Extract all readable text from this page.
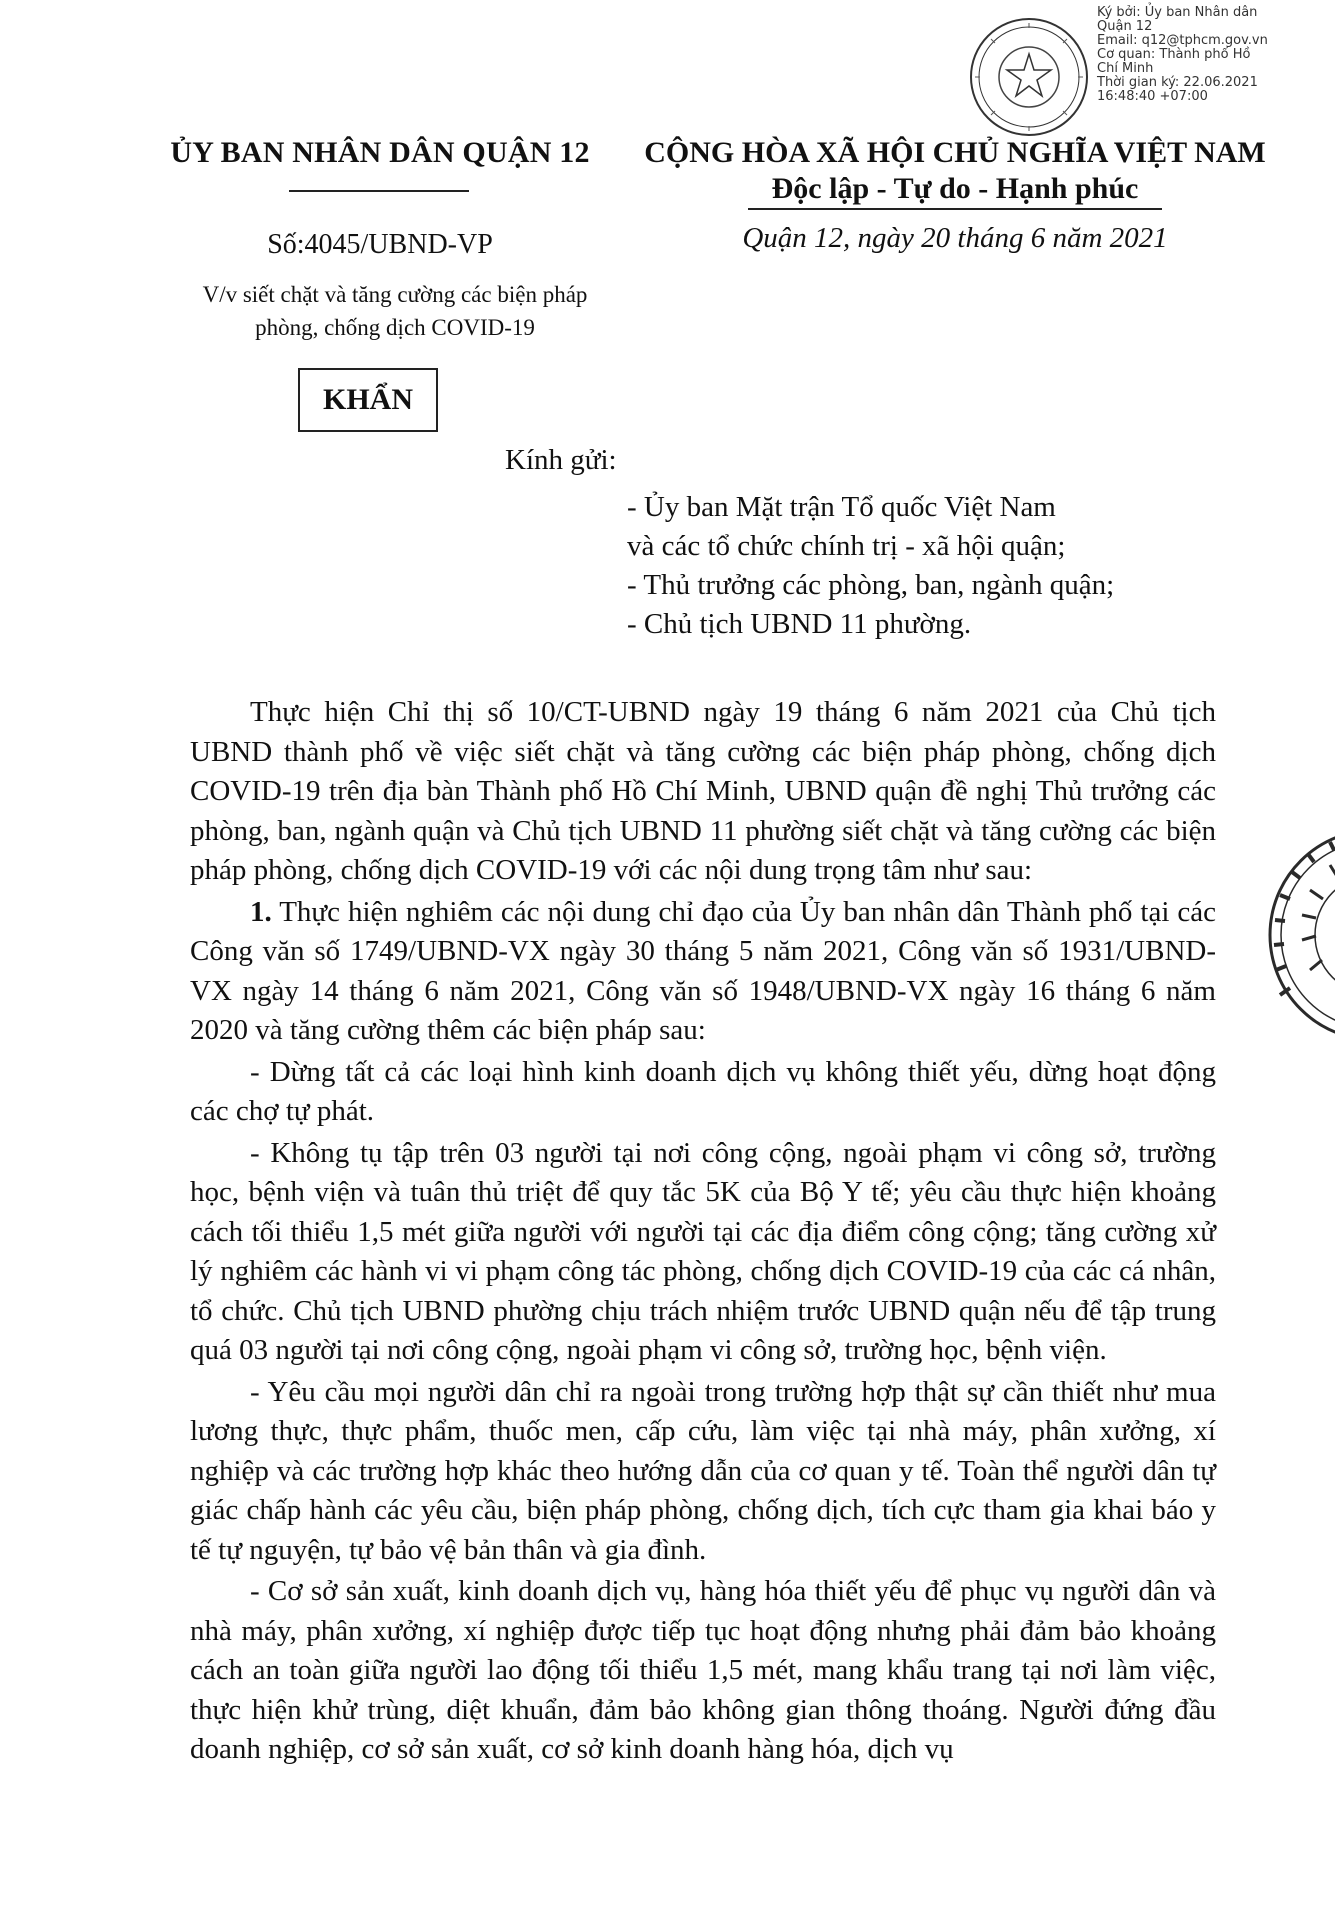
Ký bởi: Ủy ban Nhân dân
Quận 12
Email: q12@tphcm.gov.vn
Cơ quan: Thành phố Hồ
Chí Minh
Thời gian ký: 22.06.2021
16:48:40 +07:00
ỦY BAN NHÂN DÂN QUẬN 12
Số:4045/UBND-VP
V/v siết chặt và tăng cường các biện pháp
phòng, chống dịch COVID-19
CỘNG HÒA XÃ HỘI CHỦ NGHĨA VIỆT NAM
Độc lập - Tự do - Hạnh phúc
Quận 12, ngày 20 tháng 6 năm 2021
KHẨN
Kính gửi:
- Ủy ban Mặt trận Tổ quốc Việt Nam
và các tổ chức chính trị - xã hội quận;
- Thủ trưởng các phòng, ban, ngành quận;
- Chủ tịch UBND 11 phường.

Thực hiện Chỉ thị số 10/CT-UBND ngày 19 tháng 6 năm 2021 của Chủ tịch UBND thành phố về việc siết chặt và tăng cường các biện pháp phòng, chống dịch COVID-19 trên địa bàn Thành phố Hồ Chí Minh, UBND quận đề nghị Thủ trưởng các phòng, ban, ngành quận và Chủ tịch UBND 11 phường siết chặt và tăng cường các biện pháp phòng, chống dịch COVID-19 với các nội dung trọng tâm như sau:

1. Thực hiện nghiêm các nội dung chỉ đạo của Ủy ban nhân dân Thành phố tại các Công văn số 1749/UBND-VX ngày 30 tháng 5 năm 2021, Công văn số 1931/UBND-VX ngày 14 tháng 6 năm 2021, Công văn số 1948/UBND-VX ngày 16 tháng 6 năm 2020 và tăng cường thêm các biện pháp sau:

- Dừng tất cả các loại hình kinh doanh dịch vụ không thiết yếu, dừng hoạt động các chợ tự phát.

- Không tụ tập trên 03 người tại nơi công cộng, ngoài phạm vi công sở, trường học, bệnh viện và tuân thủ triệt để quy tắc 5K của Bộ Y tế; yêu cầu thực hiện khoảng cách tối thiểu 1,5 mét giữa người với người tại các địa điểm công cộng; tăng cường xử lý nghiêm các hành vi vi phạm công tác phòng, chống dịch COVID-19 của các cá nhân, tổ chức. Chủ tịch UBND phường chịu trách nhiệm trước UBND quận nếu để tập trung quá 03 người tại nơi công cộng, ngoài phạm vi công sở, trường học, bệnh viện.

- Yêu cầu mọi người dân chỉ ra ngoài trong trường hợp thật sự cần thiết như mua lương thực, thực phẩm, thuốc men, cấp cứu, làm việc tại nhà máy, phân xưởng, xí nghiệp và các trường hợp khác theo hướng dẫn của cơ quan y tế. Toàn thể người dân tự giác chấp hành các yêu cầu, biện pháp phòng, chống dịch, tích cực tham gia khai báo y tế tự nguyện, tự bảo vệ bản thân và gia đình.

- Cơ sở sản xuất, kinh doanh dịch vụ, hàng hóa thiết yếu để phục vụ người dân và nhà máy, phân xưởng, xí nghiệp được tiếp tục hoạt động nhưng phải đảm bảo khoảng cách an toàn giữa người lao động tối thiểu 1,5 mét, mang khẩu trang tại nơi làm việc, thực hiện khử trùng, diệt khuẩn, đảm bảo không gian thông thoáng. Người đứng đầu doanh nghiệp, cơ sở sản xuất, cơ sở kinh doanh hàng hóa, dịch vụ
